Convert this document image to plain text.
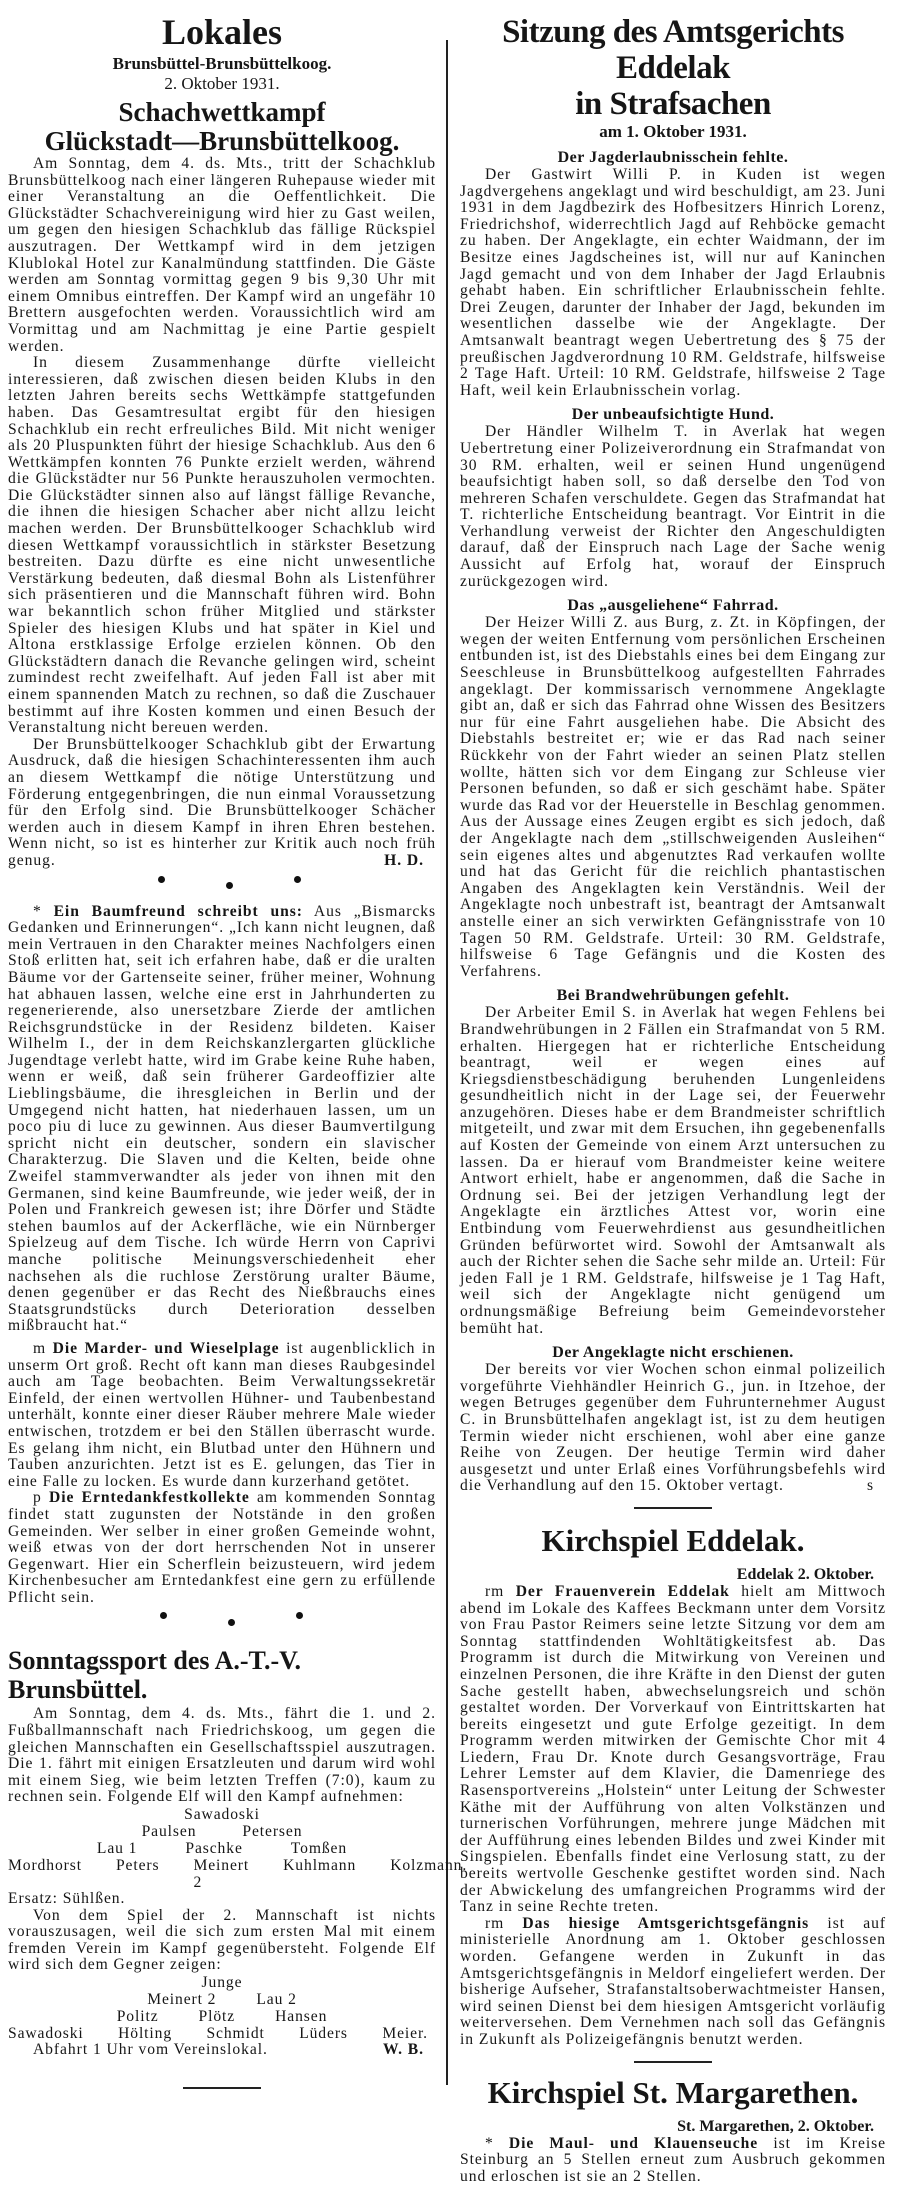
Lokales
Brunsbüttel-Brunsbüttelkoog.
2. Oktober 1931.
Schachwettkampf
Glückstadt—Brunsbüttelkoog.

Am Sonntag, dem 4. ds. Mts., tritt der Schachklub Brunsbüttelkoog nach einer längeren Ruhepause wieder mit einer Veranstaltung an die Oeffentlichkeit. Die Glückstädter Schachvereinigung wird hier zu Gast weilen, um gegen den hiesigen Schachklub das fällige Rückspiel auszutragen. Der Wettkampf wird in dem jetzigen Klublokal Hotel zur Kanalmündung stattfinden. Die Gäste werden am Sonntag vormittag gegen 9 bis 9,30 Uhr mit einem Omnibus eintreffen. Der Kampf wird an ungefähr 10 Brettern ausgefochten werden. Voraussichtlich wird am Vormittag und am Nachmittag je eine Partie gespielt werden.

In diesem Zusammenhange dürfte vielleicht interessieren, daß zwischen diesen beiden Klubs in den letzten Jahren bereits sechs Wettkämpfe stattgefunden haben. Das Gesamtresultat ergibt für den hiesigen Schachklub ein recht erfreuliches Bild. Mit nicht weniger als 20 Pluspunkten führt der hiesige Schachklub. Aus den 6 Wettkämpfen konnten 76 Punkte erzielt werden, während die Glückstädter nur 56 Punkte herauszuholen vermochten. Die Glückstädter sinnen also auf längst fällige Revanche, die ihnen die hiesigen Schacher aber nicht allzu leicht machen werden. Der Brunsbüttelkooger Schachklub wird diesen Wettkampf voraussichtlich in stärkster Besetzung bestreiten. Dazu dürfte es eine nicht unwesentliche Verstärkung bedeuten, daß diesmal Bohn als Listenführer sich präsentieren und die Mannschaft führen wird. Bohn war bekanntlich schon früher Mitglied und stärkster Spieler des hiesigen Klubs und hat später in Kiel und Altona erstklassige Erfolge erzielen können. Ob den Glückstädtern danach die Revanche gelingen wird, scheint zumindest recht zweifelhaft. Auf jeden Fall ist aber mit einem spannenden Match zu rechnen, so daß die Zuschauer bestimmt auf ihre Kosten kommen und einen Besuch der Veranstaltung nicht bereuen werden.

Der Brunsbüttelkooger Schachklub gibt der Erwartung Ausdruck, daß die hiesigen Schachinteressenten ihm auch an diesem Wettkampf die nötige Unterstützung und Förderung entgegenbringen, die nun einmal Voraussetzung für den Erfolg sind. Die Brunsbüttelkooger Schächer werden auch in diesem Kampf in ihren Ehren bestehen. Wenn nicht, so ist es hinterher zur Kritik auch noch früh genug.	H. D.

* Ein Baumfreund schreibt uns: Aus „Bismarcks Gedanken und Erinnerungen“. „Ich kann nicht leugnen, daß mein Vertrauen in den Charakter meines Nachfolgers einen Stoß erlitten hat, seit ich erfahren habe, daß er die uralten Bäume vor der Gartenseite seiner, früher meiner, Wohnung hat abhauen lassen, welche eine erst in Jahrhunderten zu regenerierende, also unersetzbare Zierde der amtlichen Reichsgrundstücke in der Residenz bildeten. Kaiser Wilhelm I., der in dem Reichskanzlergarten glückliche Jugendtage verlebt hatte, wird im Grabe keine Ruhe haben, wenn er weiß, daß sein früherer Gardeoffizier alte Lieblingsbäume, die ihresgleichen in Berlin und der Umgegend nicht hatten, hat niederhauen lassen, um un poco piu di luce zu gewinnen. Aus dieser Baumvertilgung spricht nicht ein deutscher, sondern ein slavischer Charakterzug. Die Slaven und die Kelten, beide ohne Zweifel stammverwandter als jeder von ihnen mit den Germanen, sind keine Baumfreunde, wie jeder weiß, der in Polen und Frankreich gewesen ist; ihre Dörfer und Städte stehen baumlos auf der Ackerfläche, wie ein Nürnberger Spielzeug auf dem Tische. Ich würde Herrn von Caprivi manche politische Meinungsverschiedenheit eher nachsehen als die ruchlose Zerstörung uralter Bäume, denen gegenüber er das Recht des Nießbrauchs eines Staatsgrundstücks durch Deterioration desselben mißbraucht hat.“

m Die Marder- und Wieselplage ist augenblicklich in unserm Ort groß. Recht oft kann man dieses Raubgesindel auch am Tage beobachten. Beim Verwaltungssekretär Einfeld, der einen wertvollen Hühner- und Taubenbestand unterhält, konnte einer dieser Räuber mehrere Male wieder entwischen, trotzdem er bei den Ställen überrascht wurde. Es gelang ihm nicht, ein Blutbad unter den Hühnern und Tauben anzurichten. Jetzt ist es E. gelungen, das Tier in eine Falle zu locken. Es wurde dann kurzerhand getötet.

p Die Erntedankfestkollekte am kommenden Sonntag findet statt zugunsten der Notstände in den großen Gemeinden. Wer selber in einer großen Gemeinde wohnt, weiß etwas von der dort herrschenden Not in unserer Gegenwart. Hier ein Scherflein beizusteuern, wird jedem Kirchenbesucher am Erntedankfest eine gern zu erfüllende Pflicht sein.

Sonntagssport des A.-T.-V. Brunsbüttel.

Am Sonntag, dem 4. ds. Mts., fährt die 1. und 2. Fußballmannschaft nach Friedrichskoog, um gegen die gleichen Mannschaften ein Gesellschaftsspiel auszutragen. Die 1. fährt mit einigen Ersatzleuten und darum wird wohl mit einem Sieg, wie beim letzten Treffen (7:0), kaum zu rechnen sein. Folgende Elf will den Kampf aufnehmen:

Sawadoski
Paulsen	Petersen
Lau 1	Paschke	Tomßen
Mordhorst Peters Meinert 2
Kuhlmann Kolzmann.

Ersatz: Sühlßen.

Von dem Spiel der 2. Mannschaft ist nichts vorauszusagen, weil die sich zum ersten Mal mit einem fremden Verein im Kampf gegenübersteht. Folgende Elf wird sich dem Gegner zeigen:

Junge
Meinert 2	Lau 2
Politz	Plötz	Hansen
Sawadoski Hölting Schmidt Lüders Meier.

Abfahrt 1 Uhr vom Vereinslokal.	W. B.

Sitzung des Amtsgerichts Eddelak
in Strafsachen
am 1. Oktober 1931.
Der Jagderlaubnisschein fehlte.

Der Gastwirt Willi P. in Kuden ist wegen Jagdvergehens angeklagt und wird beschuldigt, am 23. Juni 1931 in dem Jagdbezirk des Hofbesitzers Hinrich Lorenz, Friedrichshof, widerrechtlich Jagd auf Rehböcke gemacht zu haben. Der Angeklagte, ein echter Waidmann, der im Besitze eines Jagdscheines ist, will nur auf Kaninchen Jagd gemacht und von dem Inhaber der Jagd Erlaubnis gehabt haben. Ein schriftlicher Erlaubnisschein fehlte. Drei Zeugen, darunter der Inhaber der Jagd, bekunden im wesentlichen dasselbe wie der Angeklagte. Der Amtsanwalt beantragt wegen Uebertretung des § 75 der preußischen Jagdverordnung 10 RM. Geldstrafe, hilfsweise 2 Tage Haft. Urteil: 10 RM. Geldstrafe, hilfsweise 2 Tage Haft, weil kein Erlaubnisschein vorlag.

Der unbeaufsichtigte Hund.

Der Händler Wilhelm T. in Averlak hat wegen Uebertretung einer Polizeiverordnung ein Strafmandat von 30 RM. erhalten, weil er seinen Hund ungenügend beaufsichtigt haben soll, so daß derselbe den Tod von mehreren Schafen verschuldete. Gegen das Strafmandat hat T. richterliche Entscheidung beantragt. Vor Eintrit in die Verhandlung verweist der Richter den Angeschuldigten darauf, daß der Einspruch nach Lage der Sache wenig Aussicht auf Erfolg hat, worauf der Einspruch zurückgezogen wird.

Das „ausgeliehene“ Fahrrad.

Der Heizer Willi Z. aus Burg, z. Zt. in Köpfingen, der wegen der weiten Entfernung vom persönlichen Erscheinen entbunden ist, ist des Diebstahls eines bei dem Eingang zur Seeschleuse in Brunsbüttelkoog aufgestellten Fahrrades angeklagt. Der kommissarisch vernommene Angeklagte gibt an, daß er sich das Fahrrad ohne Wissen des Besitzers nur für eine Fahrt ausgeliehen habe. Die Absicht des Diebstahls bestreitet er; wie er das Rad nach seiner Rückkehr von der Fahrt wieder an seinen Platz stellen wollte, hätten sich vor dem Eingang zur Schleuse vier Personen befunden, so daß er sich geschämt habe. Später wurde das Rad vor der Heuerstelle in Beschlag genommen. Aus der Aussage eines Zeugen ergibt es sich jedoch, daß der Angeklagte nach dem „stillschweigenden Ausleihen“ sein eigenes altes und abgenutztes Rad verkaufen wollte und hat das Gericht für die reichlich phantastischen Angaben des Angeklagten kein Verständnis. Weil der Angeklagte noch unbestraft ist, beantragt der Amtsanwalt anstelle einer an sich verwirkten Gefängnisstrafe von 10 Tagen 50 RM. Geldstrafe. Urteil: 30 RM. Geldstrafe, hilfsweise 6 Tage Gefängnis und die Kosten des Verfahrens.

Bei Brandwehrübungen gefehlt.

Der Arbeiter Emil S. in Averlak hat wegen Fehlens bei Brandwehrübungen in 2 Fällen ein Strafmandat von 5 RM. erhalten. Hiergegen hat er richterliche Entscheidung beantragt, weil er wegen eines auf Kriegsdienstbeschädigung beruhenden Lungenleidens gesundheitlich nicht in der Lage sei, der Feuerwehr anzugehören. Dieses habe er dem Brandmeister schriftlich mitgeteilt, und zwar mit dem Ersuchen, ihn gegebenenfalls auf Kosten der Gemeinde von einem Arzt untersuchen zu lassen. Da er hierauf vom Brandmeister keine weitere Antwort erhielt, habe er angenommen, daß die Sache in Ordnung sei. Bei der jetzigen Verhandlung legt der Angeklagte ein ärztliches Attest vor, worin eine Entbindung vom Feuerwehrdienst aus gesundheitlichen Gründen befürwortet wird. Sowohl der Amtsanwalt als auch der Richter sehen die Sache sehr milde an. Urteil: Für jeden Fall je 1 RM. Geldstrafe, hilfsweise je 1 Tag Haft, weil sich der Angeklagte nicht genügend um ordnungsmäßige Befreiung beim Gemeindevorsteher bemüht hat.

Der Angeklagte nicht erschienen.

Der bereits vor vier Wochen schon einmal polizeilich vorgeführte Viehhändler Heinrich G., jun. in Itzehoe, der wegen Betruges gegenüber dem Fuhrunternehmer August C. in Brunsbüttelhafen angeklagt ist, ist zu dem heutigen Termin wieder nicht erschienen, wohl aber eine ganze Reihe von Zeugen. Der heutige Termin wird daher ausgesetzt und unter Erlaß eines Vorführungsbefehls wird die Verhandlung auf den 15. Oktober vertagt.	s

Kirchspiel Eddelak.
Eddelak 2. Oktober.

rm Der Frauenverein Eddelak hielt am Mittwoch abend im Lokale des Kaffees Beckmann unter dem Vorsitz von Frau Pastor Reimers seine letzte Sitzung vor dem am Sonntag stattfindenden Wohltätigkeitsfest ab. Das Programm ist durch die Mitwirkung von Vereinen und einzelnen Personen, die ihre Kräfte in den Dienst der guten Sache gestellt haben, abwechselungsreich und schön gestaltet worden. Der Vorverkauf von Eintrittskarten hat bereits eingesetzt und gute Erfolge gezeitigt. In dem Programm werden mitwirken der Gemischte Chor mit 4 Liedern, Frau Dr. Knote durch Gesangsvorträge, Frau Lehrer Lemster auf dem Klavier, die Damenriege des Rasensportvereins „Holstein“ unter Leitung der Schwester Käthe mit der Aufführung von alten Volkstänzen und turnerischen Vorführungen, mehrere junge Mädchen mit der Aufführung eines lebenden Bildes und zwei Kinder mit Singspielen. Ebenfalls findet eine Verlosung statt, zu der bereits wertvolle Geschenke gestiftet worden sind. Nach der Abwickelung des umfangreichen Programms wird der Tanz in seine Rechte treten.

rm Das hiesige Amtsgerichtsgefängnis ist auf ministerielle Anordnung am 1. Oktober geschlossen worden. Gefangene werden in Zukunft in das Amtsgerichtsgefängnis in Meldorf eingeliefert werden. Der bisherige Aufseher, Strafanstaltsoberwachtmeister Hansen, wird seinen Dienst bei dem hiesigen Amtsgericht vorläufig weiterversehen. Dem Vernehmen nach soll das Gefängnis in Zukunft als Polizeigefängnis benutzt werden.

Kirchspiel St. Margarethen.
St. Margarethen, 2. Oktober.

* Die Maul- und Klauenseuche ist im Kreise Steinburg an 5 Stellen erneut zum Ausbruch gekommen und erloschen ist sie an 2 Stellen.
